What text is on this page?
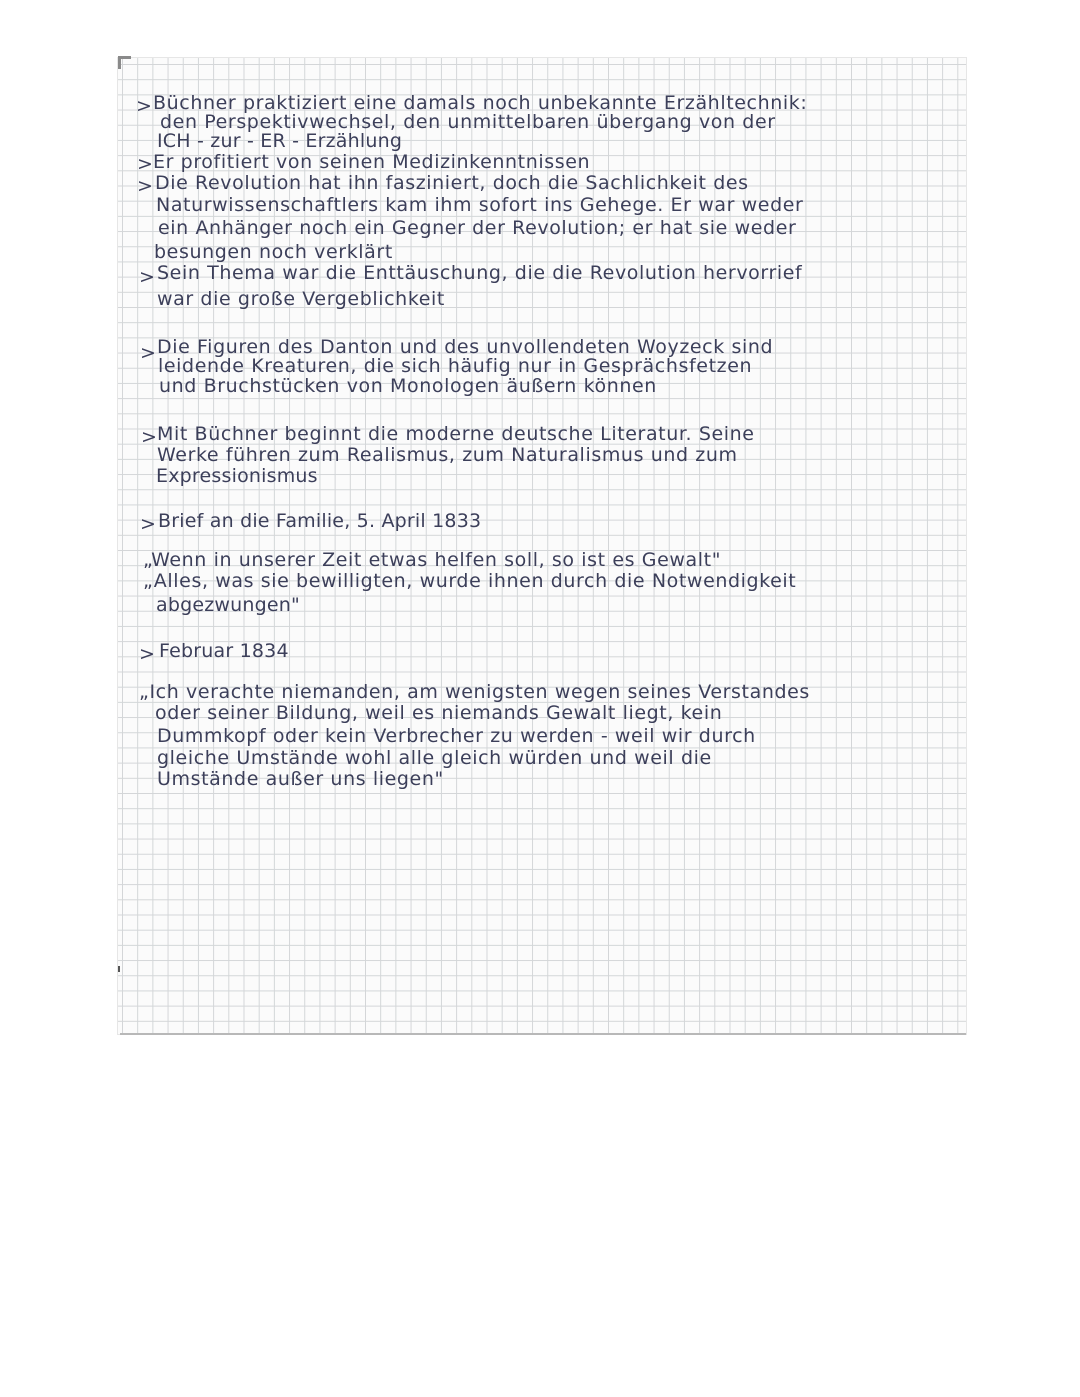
> Büchner praktiziert eine damals noch unbekannte Erzähltechnik:
den Perspektivwechsel, den unmittelbaren übergang von der
ICH - zur - ER - Erzählung
> Er profitiert von seinen Medizinkenntnissen
> Die Revolution hat ihn fasziniert, doch die Sachlichkeit des
Naturwissenschaftlers kam ihm sofort ins Gehege. Er war weder
ein Anhänger noch ein Gegner der Revolution; er hat sie weder
besungen noch verklärt
> Sein Thema war die Enttäuschung, die die Revolution hervorrief
war die große Vergeblichkeit
> Die Figuren des Danton und des unvollendeten Woyzeck sind
leidende Kreaturen, die sich häufig nur in Gesprächsfetzen
und Bruchstücken von Monologen äußern können
> Mit Büchner beginnt die moderne deutsche Literatur. Seine
Werke führen zum Realismus, zum Naturalismus und zum
Expressionismus
> Brief an die Familie, 5. April 1833
„Wenn in unserer Zeit etwas helfen soll, so ist es Gewalt"
„Alles, was sie bewilligten, wurde ihnen durch die Notwendigkeit
abgezwungen"
> Februar 1834
„Ich verachte niemanden, am wenigsten wegen seines Verstandes
oder seiner Bildung, weil es niemands Gewalt liegt, kein
Dummkopf oder kein Verbrecher zu werden - weil wir durch
gleiche Umstände wohl alle gleich würden und weil die
Umstände außer uns liegen"
